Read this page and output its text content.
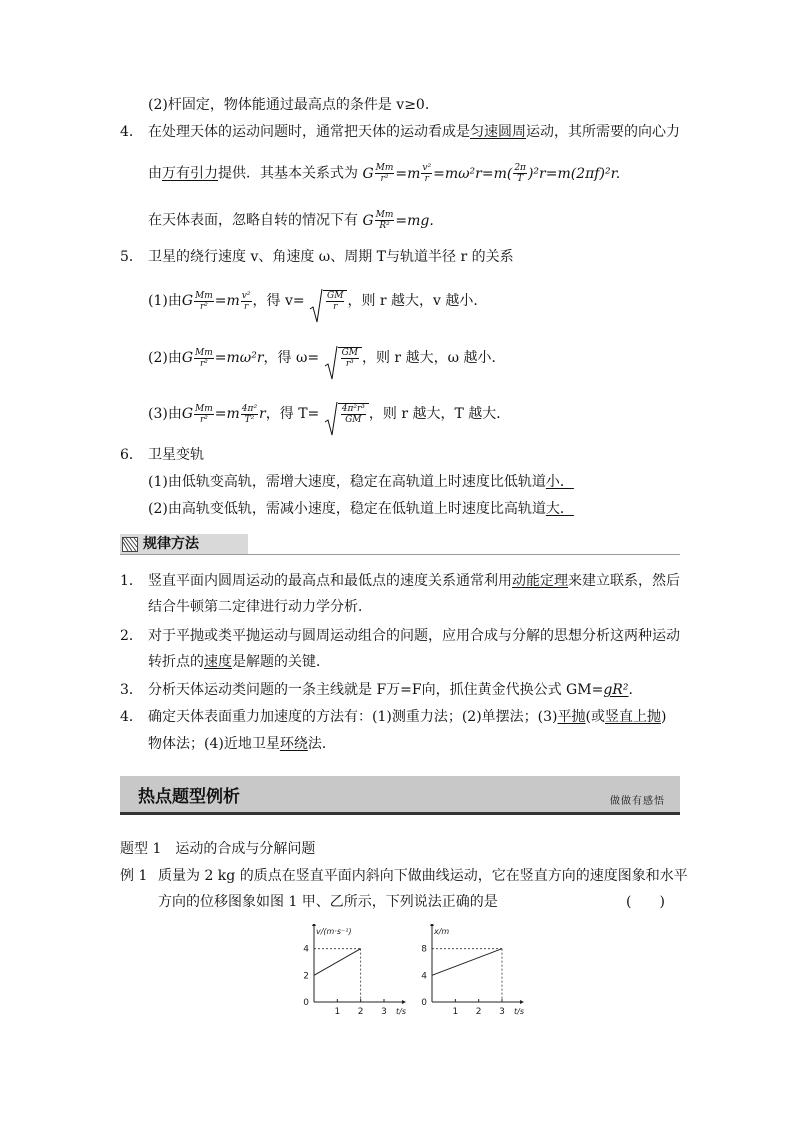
(2)杆固定，物体能通过最高点的条件是 v≥0.
4． 在处理天体的运动问题时，通常把天体的运动看成是匀速圆周运动，其所需要的向心力
由万有引力提供．其基本关系式为 G $\frac{Mm}{\text{r²}} =m \frac{\text{v²}}{r} =m\omega^2r=m( \frac{2\pi}{T} )^2r=m(2\pi f)^2r$.
在天体表面，忽略自转的情况下有 G $\frac{Mm}{\text{R²}} =mg$.
5． 卫星的绕行速度 v、角速度 ω、周期 T与轨道半径 r 的关系
(1)由G $\frac{Mm}{\text{r²}} =m \frac{\text{v²}}{r}$ ，得 $v= \frac{GM}{r}$ ，则 r 越大，v 越小．
(2)由G $\frac{Mm}{\text{r²}} =m\omega^2r$，得 $\omega= \frac{GM}{\text{r³}}$ ，则 r 越大，ω 越小．
(3)由G $\frac{Mm}{\text{r²}} =m \frac{\text{4π²}}{\text{T²}}$ r，得 $T= \frac{\text{4π²r³}}{GM}$ ，则 r 越大，T 越大．
6． 卫星变轨
(1)由低轨变高轨，需增大速度，稳定在高轨道上时速度比低轨道小．
(2)由高轨变低轨，需减小速度，稳定在低轨道上时速度比高轨道大．
规律方法
1． 竖直平面内圆周运动的最高点和最低点的速度关系通常利用动能定理来建立联系，然后
结合牛顿第二定律进行动力学分析．
2． 对于平抛或类平抛运动与圆周运动组合的问题，应用合成与分解的思想分析这两种运动
转折点的速度是解题的关键．
3． 分析天体运动类问题的一条主线就是 F万=F向，抓住黄金代换公式 GM=gR².
4． 确定天体表面重力加速度的方法有：(1)测重力法；(2)单摆法；(3)平抛(或竖直上抛)
物体法；(4)近地卫星环绕法．
热点题型例析	做做有感悟
题型 1　运动的合成与分解问题
例 1 质量为 2 kg 的质点在竖直平面内斜向下做曲线运动，它在竖直方向的速度图象和水平
方向的位移图象如图 1 甲、乙所示，下列说法正确的是	(　　)
v/(m·s⁻¹)
t/s
1 2 3
0
2
4
x/m
t/s
1 2 3
0
4
8
